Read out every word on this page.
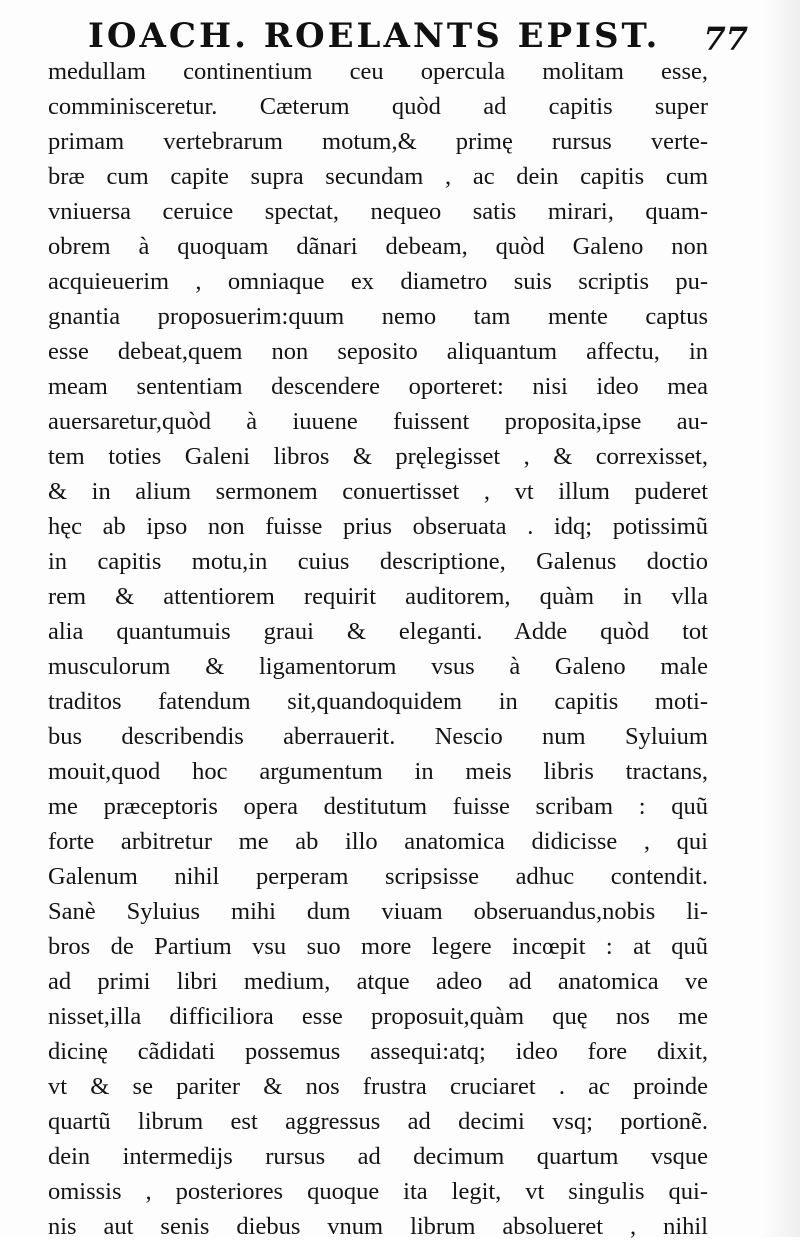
IOACH. ROELANTS EPIST. 77
medullam continentium ceu opercula molitam esse,
comminisceretur. Cæterum quòd ad capitis super
primam vertebrarum motum,& primę rursus verte-
bræ cum capite supra secundam , ac dein capitis cum
vniuersa ceruice spectat, nequeo satis mirari, quam-
obrem à quoquam dãnari debeam, quòd Galeno non
acquieuerim , omniaque ex diametro suis scriptis pu-
gnantia proposuerim:quum nemo tam mente captus
esse debeat,quem non seposito aliquantum affectu, in
meam sententiam descendere oporteret: nisi ideo mea
auersaretur,quòd à iuuene fuissent proposita,ipse au-
tem toties Galeni libros & pręlegisset , & correxisset,
& in alium sermonem conuertisset , vt illum puderet
hęc ab ipso non fuisse prius obseruata . idq; potissimũ
in capitis motu,in cuius descriptione, Galenus doctio
rem & attentiorem requirit auditorem, quàm in vlla
alia quantumuis graui & eleganti. Adde quòd tot
musculorum & ligamentorum vsus à Galeno male
traditos fatendum sit,quandoquidem in capitis moti-
bus describendis aberrauerit. Nescio num Syluium
mouit,quod hoc argumentum in meis libris tractans,
me præceptoris opera destitutum fuisse scribam : quũ
forte arbitretur me ab illo anatomica didicisse , qui
Galenum nihil perperam scripsisse adhuc contendit.
Sanè Syluius mihi dum viuam obseruandus,nobis li-
bros de Partium vsu suo more legere incœpit : at quũ
ad primi libri medium, atque adeo ad anatomica ve
nisset,illa difficiliora esse proposuit,quàm quę nos me
dicinę cãdidati possemus assequi:atq; ideo fore dixit,
vt & se pariter & nos frustra cruciaret . ac proinde
quartũ librum est aggressus ad decimi vsq; portionẽ.
dein intermedijs rursus ad decimum quartum vsque
omissis , posteriores quoque ita legit, vt singulis qui-
nis aut senis diebus vnum librum absolueret , nihil
